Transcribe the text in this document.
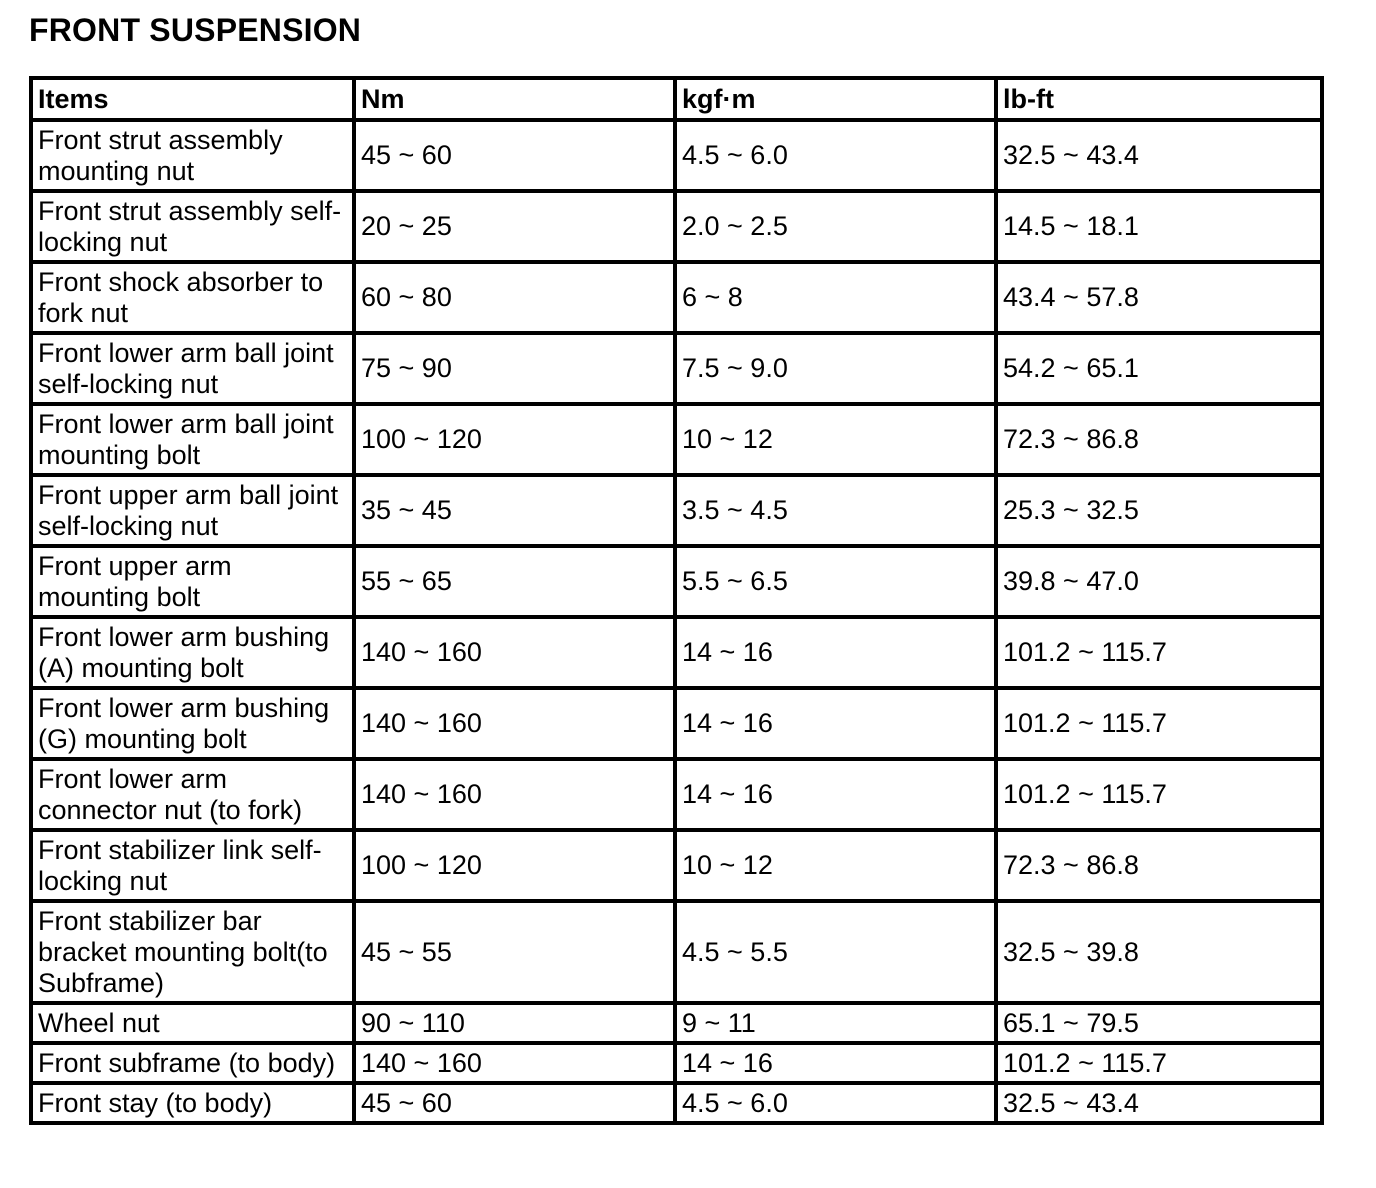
FRONT SUSPENSION
Items	Nm	kgf·m	lb-ft
Front strut assembly mounting nut	45 ~ 60	4.5 ~ 6.0	32.5 ~ 43.4
Front strut assembly self-locking nut	20 ~ 25	2.0 ~ 2.5	14.5 ~ 18.1
Front shock absorber to fork nut	60 ~ 80	6 ~ 8	43.4 ~ 57.8
Front lower arm ball joint self-locking nut	75 ~ 90	7.5 ~ 9.0	54.2 ~ 65.1
Front lower arm ball joint mounting bolt	100 ~ 120	10 ~ 12	72.3 ~ 86.8
Front upper arm ball joint self-locking nut	35 ~ 45	3.5 ~ 4.5	25.3 ~ 32.5
Front upper arm mounting bolt	55 ~ 65	5.5 ~ 6.5	39.8 ~ 47.0
Front lower arm bushing (A) mounting bolt	140 ~ 160	14 ~ 16	101.2 ~ 115.7
Front lower arm bushing (G) mounting bolt	140 ~ 160	14 ~ 16	101.2 ~ 115.7
Front lower arm connector nut (to fork)	140 ~ 160	14 ~ 16	101.2 ~ 115.7
Front stabilizer link self-locking nut	100 ~ 120	10 ~ 12	72.3 ~ 86.8
Front stabilizer bar bracket mounting bolt(to Subframe)	45 ~ 55	4.5 ~ 5.5	32.5 ~ 39.8
Wheel nut	90 ~ 110	9 ~ 11	65.1 ~ 79.5
Front subframe (to body)	140 ~ 160	14 ~ 16	101.2 ~ 115.7
Front stay (to body)	45 ~ 60	4.5 ~ 6.0	32.5 ~ 43.4
